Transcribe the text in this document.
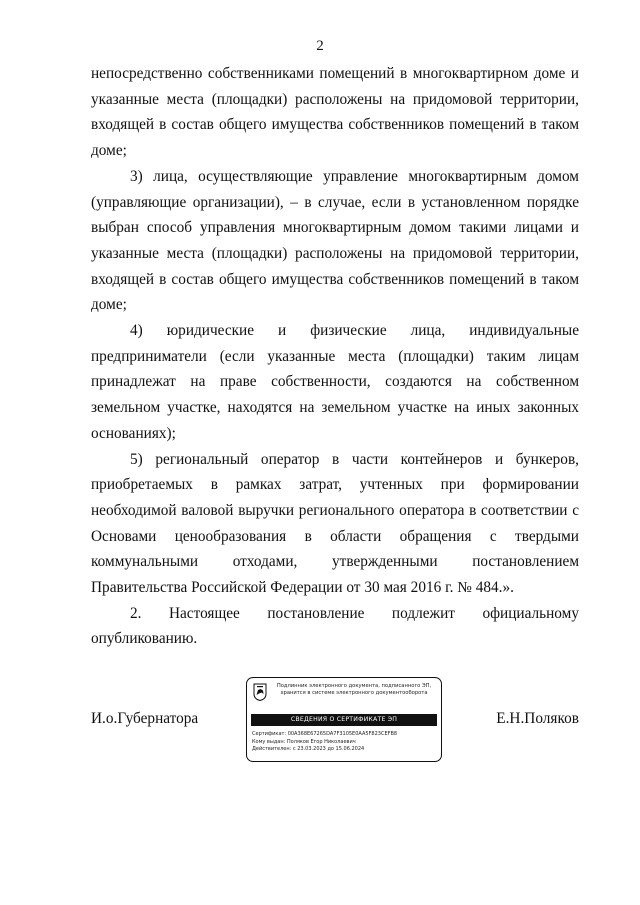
2

непосредственно собственниками помещений в многоквартирном доме и указанные места (площадки) расположены на придомовой территории, входящей в состав общего имущества собственников помещений в таком доме;

3) лица, осуществляющие управление многоквартирным домом (управляющие организации), – в случае, если в установленном порядке выбран способ управления многоквартирным домом такими лицами и указанные места (площадки) расположены на придомовой территории, входящей в состав общего имущества собственников помещений в таком доме;

4) юридические и физические лица, индивидуальные предприниматели (если указанные места (площадки) таким лицам принадлежат на праве собственности, создаются на собственном земельном участке, находятся на земельном участке на иных законных основаниях);

5) региональный оператор в части контейнеров и бункеров, приобретаемых в рамках затрат, учтенных при формировании необходимой валовой выручки регионального оператора в соответствии с Основами ценообразования в области обращения с твердыми коммунальными отходами, утвержденными постановлением Правительства Российской Федерации от 30 мая 2016 г. № 484.».

2. Настоящее постановление подлежит официальному опубликованию.

И.о.Губернатора	Е.Н.Поляков
Подлинник электронного документа, подписанного ЭП,
хранится в системе электронного документооборота
СВЕДЕНИЯ О СЕРТИФИКАТЕ ЭП
Сертификат: 00A368E67265DA7F3105E0AA5F823CEFB8
Кому выдан: Поляков Егор Николаевич
Действителен: с 23.03.2023 до 15.06.2024
